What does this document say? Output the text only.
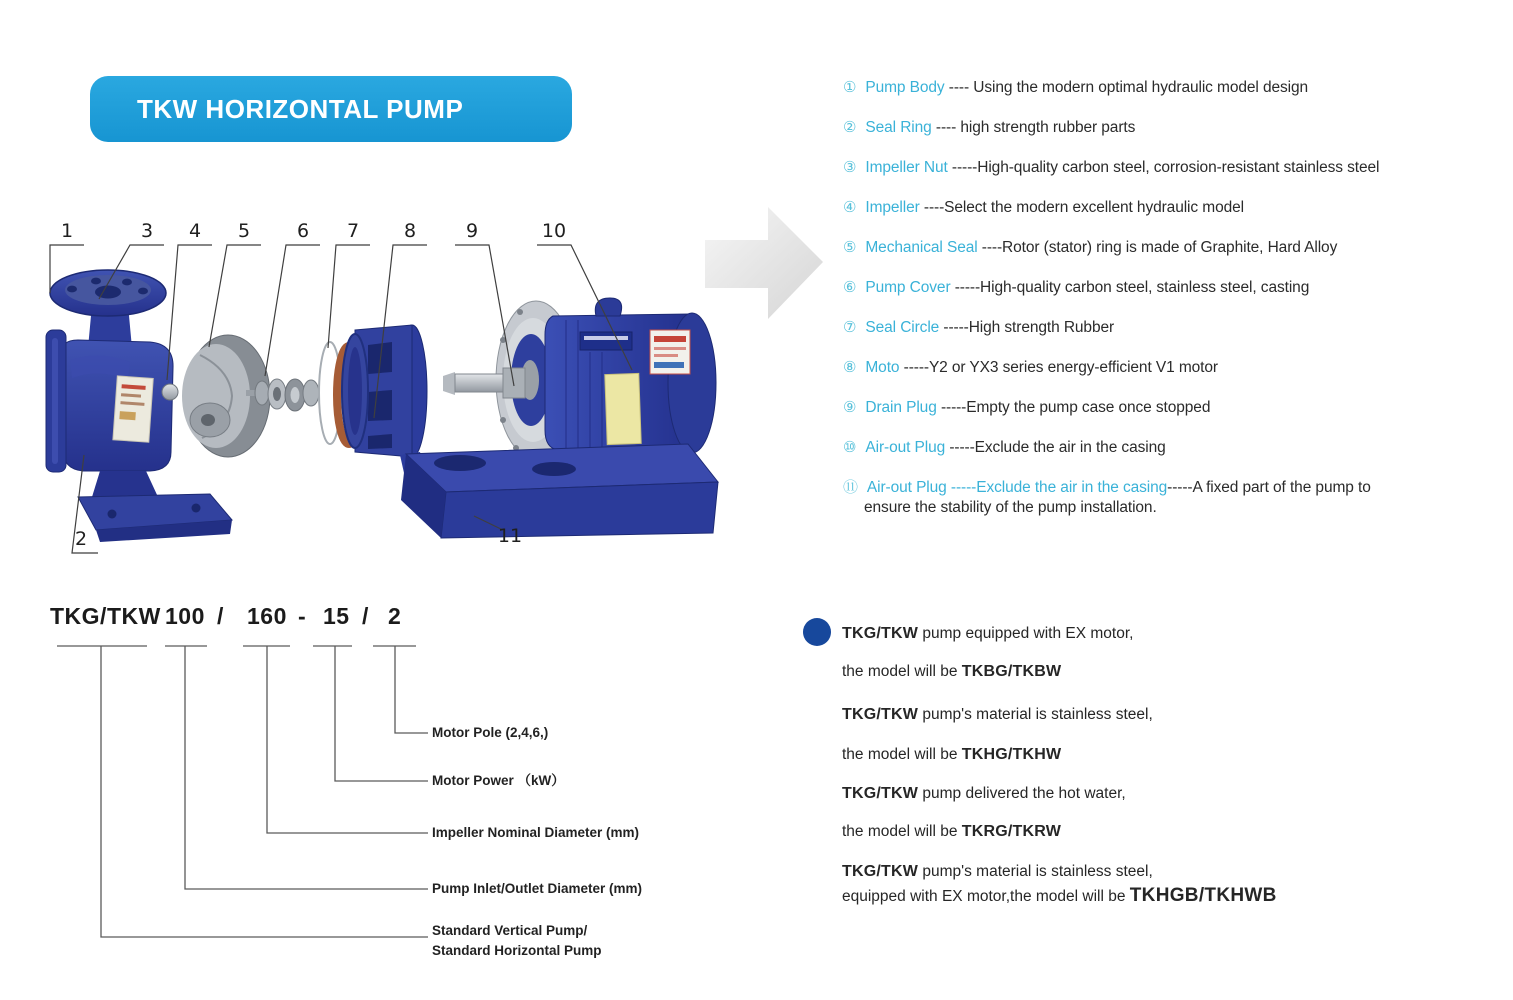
TKW HORIZONTAL PUMP
1
2
3 4 5 6 7 8	9	10
11
① Pump Body ---- Using the modern optimal hydraulic model design
② Seal Ring ---- high strength rubber parts
③ Impeller Nut -----High-quality carbon steel, corrosion-resistant stainless steel
④ Impeller ----Select the modern excellent hydraulic model
⑤ Mechanical Seal ----Rotor (stator) ring is made of Graphite, Hard Alloy
⑥ Pump Cover -----High-quality carbon steel, stainless steel, casting
⑦ Seal Circle -----High strength Rubber
⑧ Moto -----Y2 or YX3 series energy-efficient V1 motor
⑨ Drain Plug -----Empty the pump case once stopped
⑩ Air-out Plug -----Exclude the air in the casing
⑪ Air-out Plug -----Exclude the air in the casing-----A fixed part of the pump to
ensure the stability of the pump installation.
TKG/TKW 100 / 160 - 15 / 2
Motor Pole (2,4,6,)
Motor Power （kW）
Impeller Nominal Diameter (mm)
Pump Inlet/Outlet Diameter (mm)
Standard Vertical Pump/
Standard Horizontal Pump
TKG/TKW pump equipped with EX motor,
the model will be TKBG/TKBW
TKG/TKW pump's material is stainless steel,
the model will be TKHG/TKHW
TKG/TKW pump delivered the hot water,
the model will be TKRG/TKRW
TKG/TKW pump's material is stainless steel,
equipped with EX motor,the model will be TKHGB/TKHWB
